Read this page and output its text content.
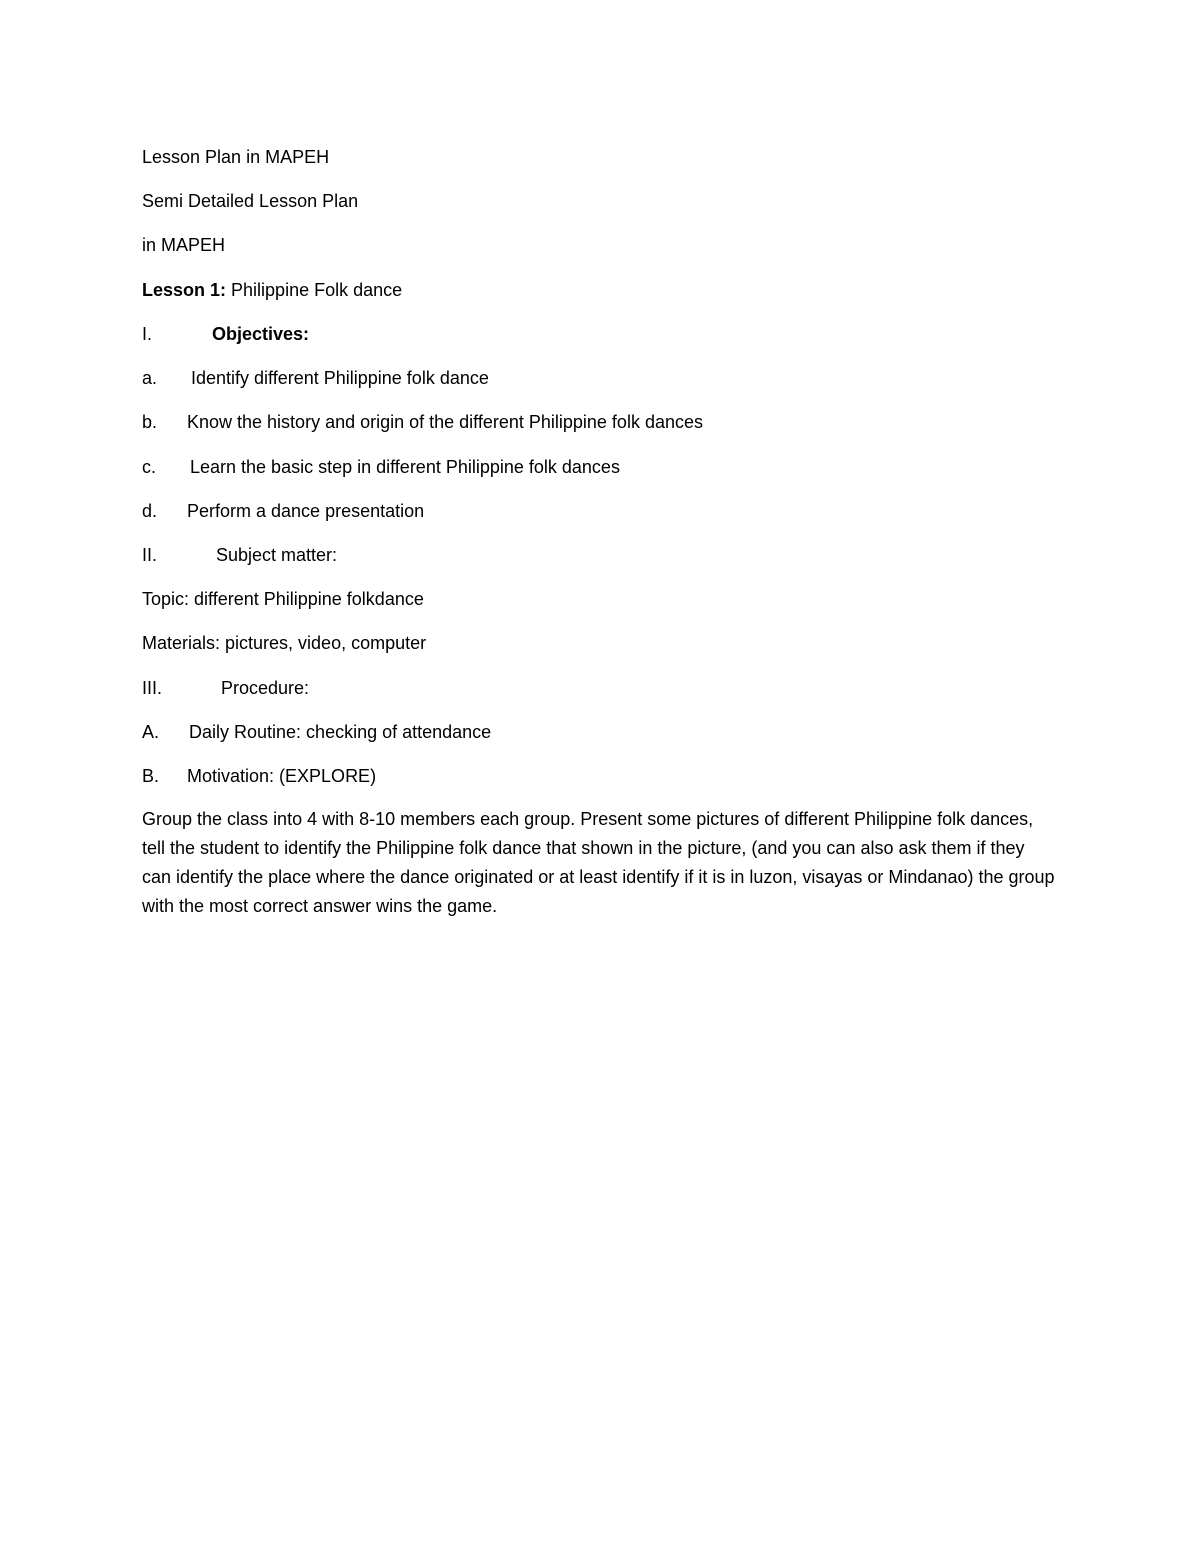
Lesson Plan in MAPEH
Semi Detailed Lesson Plan
in MAPEH
Lesson 1: Philippine Folk dance
I.	Objectives:
a. Identify different Philippine folk dance
b. Know the history and origin of the different Philippine folk dances
c. Learn the basic step in different Philippine folk dances
d. Perform a dance presentation
II.	Subject matter:
Topic: different Philippine folkdance
Materials: pictures, video, computer
III.	Procedure:
A. Daily Routine: checking of attendance
B. Motivation: (EXPLORE)
Group the class into 4 with 8-10 members each group. Present some pictures of different Philippine folk dances, tell the student to identify the Philippine folk dance that shown in the picture, (and you can also ask them if they can identify the place where the dance originated or at least identify if it is in luzon, visayas or Mindanao) the group with the most correct answer wins the game.
